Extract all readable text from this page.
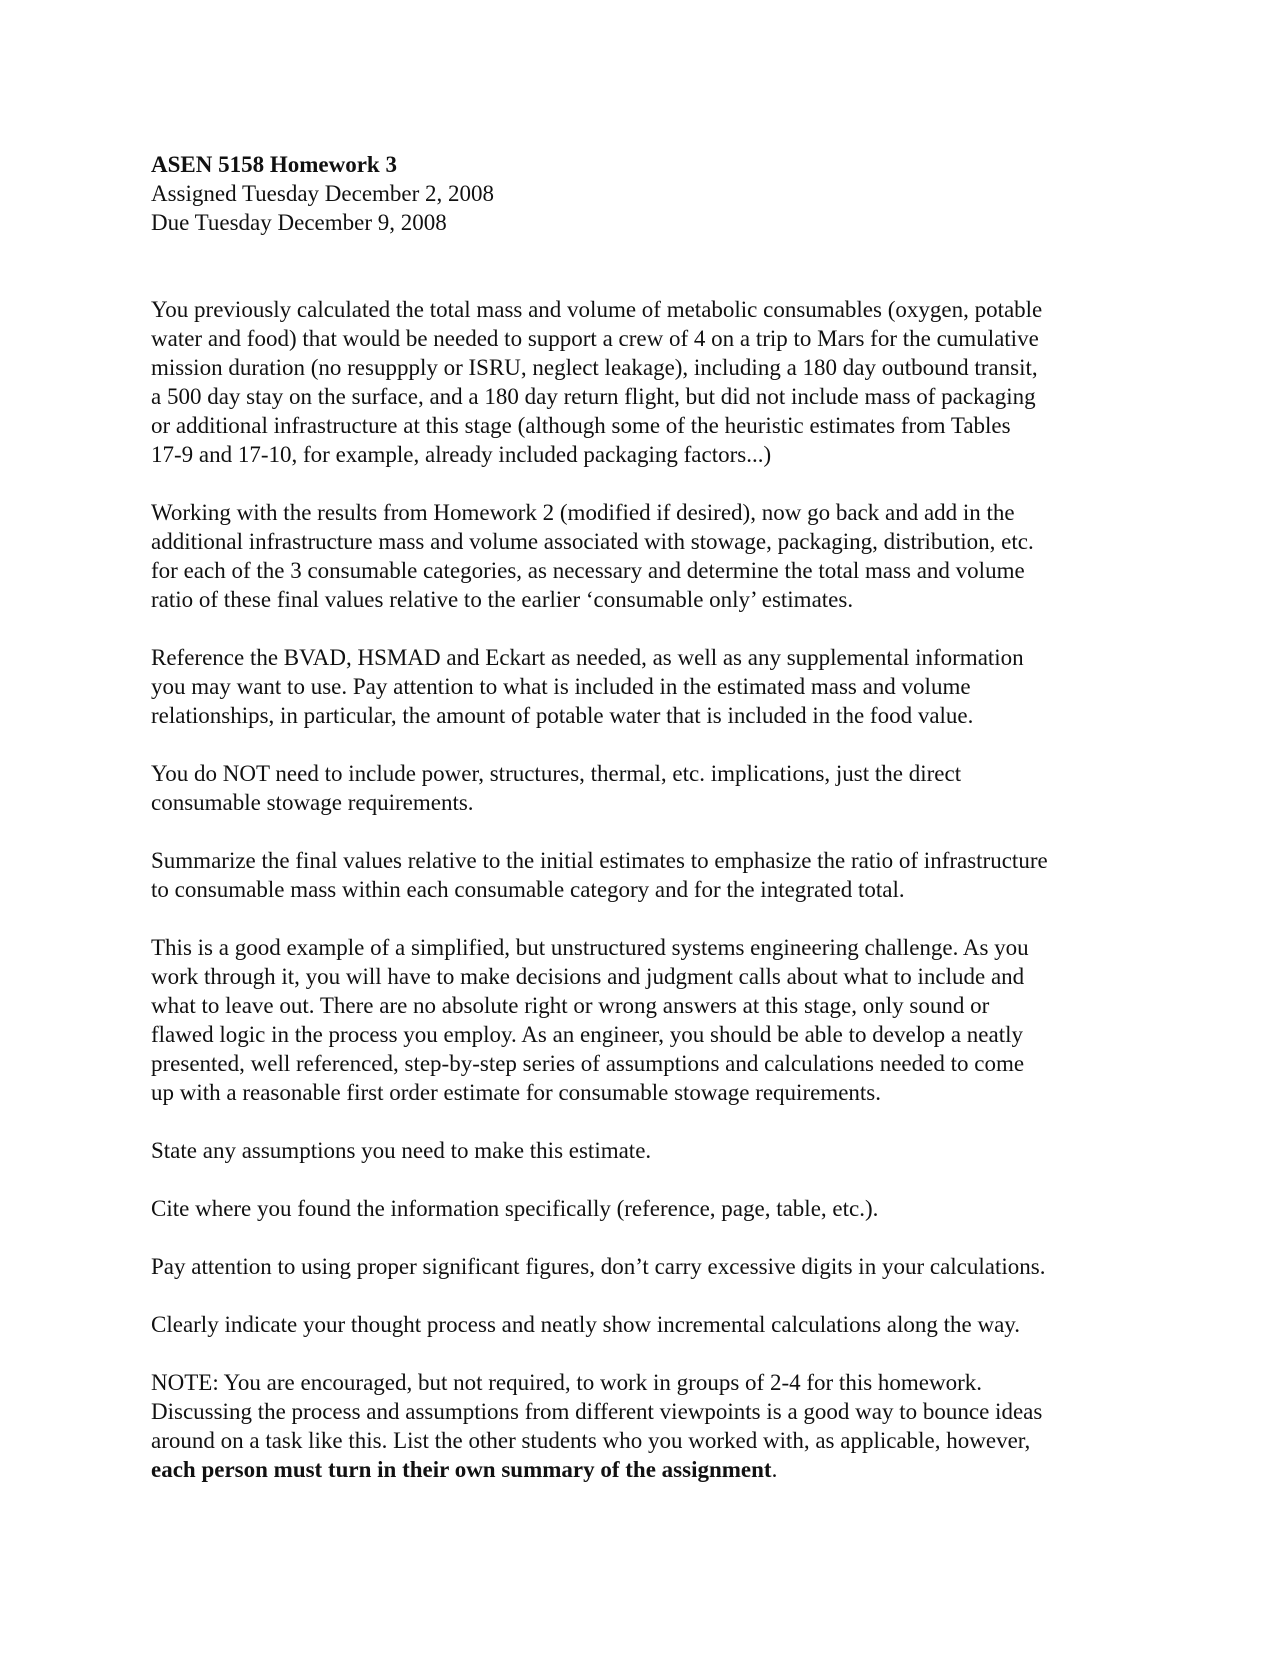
ASEN 5158 Homework 3
Assigned Tuesday December 2, 2008
Due Tuesday December 9, 2008
You previously calculated the total mass and volume of metabolic consumables (oxygen, potable
water and food) that would be needed to support a crew of 4 on a trip to Mars for the cumulative
mission duration (no resuppply or ISRU, neglect leakage), including a 180 day outbound transit,
a 500 day stay on the surface, and a 180 day return flight, but did not include mass of packaging
or additional infrastructure at this stage (although some of the heuristic estimates from Tables
17-9 and 17-10, for example, already included packaging factors...)
Working with the results from Homework 2 (modified if desired), now go back and add in the
additional infrastructure mass and volume associated with stowage, packaging, distribution, etc.
for each of the 3 consumable categories, as necessary and determine the total mass and volume
ratio of these final values relative to the earlier ‘consumable only’ estimates.
Reference the BVAD, HSMAD and Eckart as needed, as well as any supplemental information
you may want to use. Pay attention to what is included in the estimated mass and volume
relationships, in particular, the amount of potable water that is included in the food value.
You do NOT need to include power, structures, thermal, etc. implications, just the direct
consumable stowage requirements.
Summarize the final values relative to the initial estimates to emphasize the ratio of infrastructure
to consumable mass within each consumable category and for the integrated total.
This is a good example of a simplified, but unstructured systems engineering challenge. As you
work through it, you will have to make decisions and judgment calls about what to include and
what to leave out. There are no absolute right or wrong answers at this stage, only sound or
flawed logic in the process you employ. As an engineer, you should be able to develop a neatly
presented, well referenced, step-by-step series of assumptions and calculations needed to come
up with a reasonable first order estimate for consumable stowage requirements.
State any assumptions you need to make this estimate.
Cite where you found the information specifically (reference, page, table, etc.).
Pay attention to using proper significant figures, don’t carry excessive digits in your calculations.
Clearly indicate your thought process and neatly show incremental calculations along the way.
NOTE: You are encouraged, but not required, to work in groups of 2-4 for this homework.
Discussing the process and assumptions from different viewpoints is a good way to bounce ideas
around on a task like this. List the other students who you worked with, as applicable, however,
each person must turn in their own summary of the assignment.
